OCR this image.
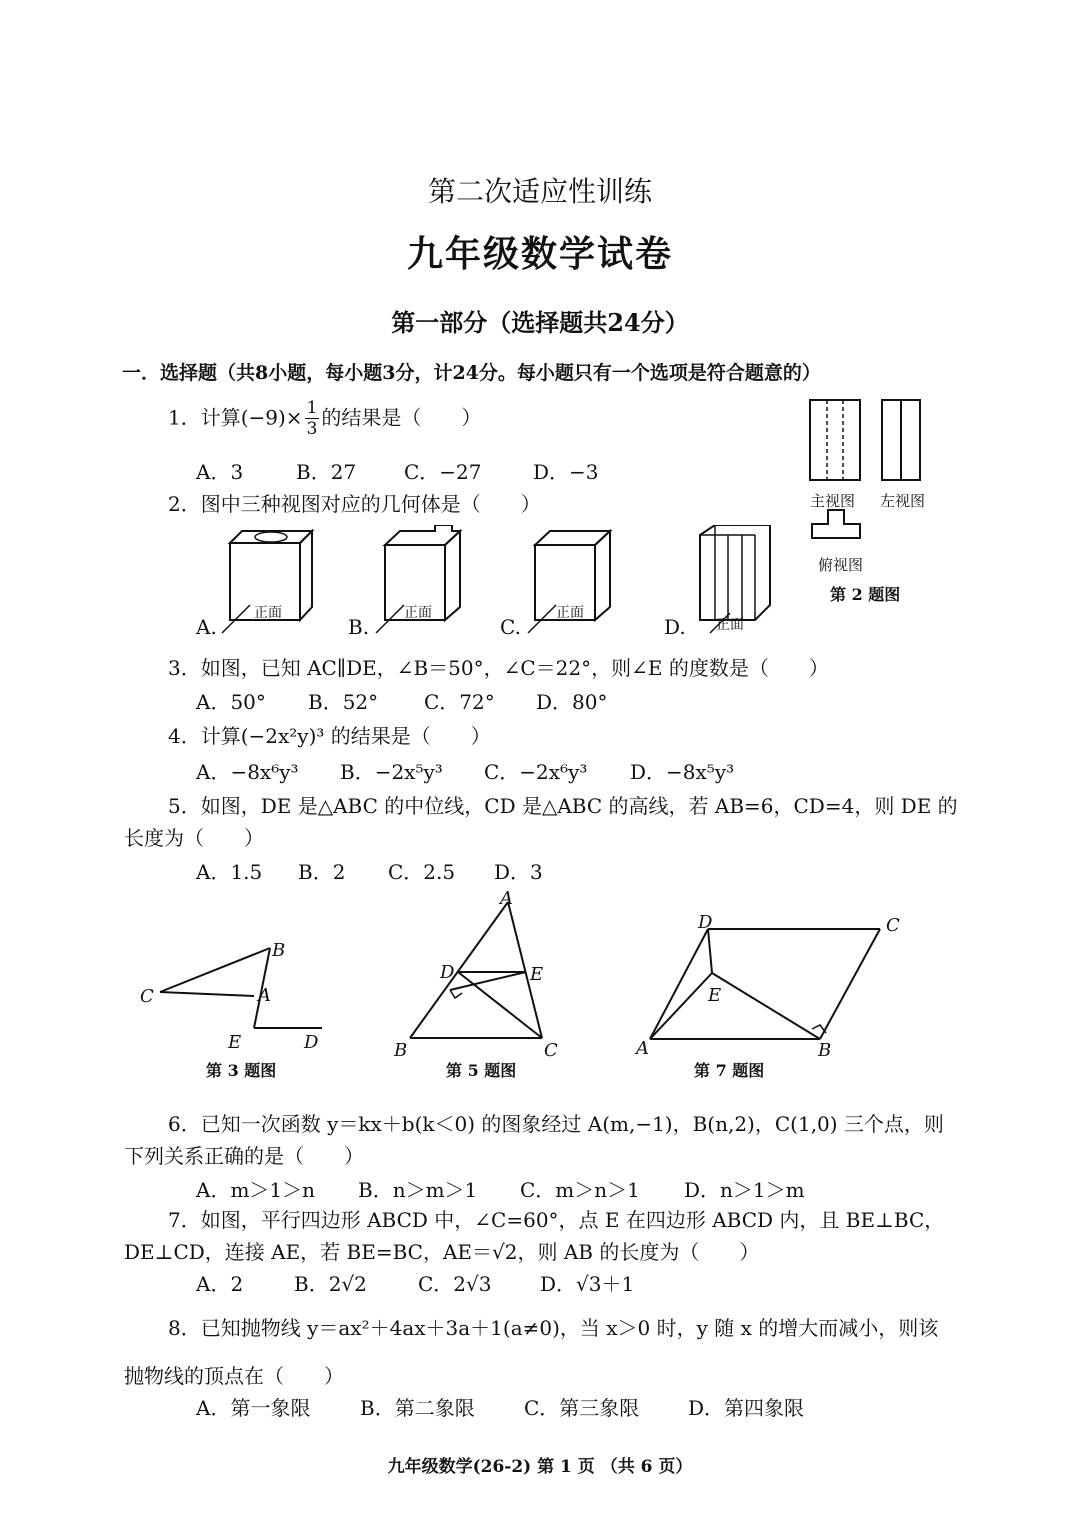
第二次适应性训练
九年级数学试卷
第一部分（选择题共24分）
一．选择题（共8小题，每小题3分，计24分。每小题只有一个选项是符合题意的）
1．计算$(-9)\times \frac{1}{3}$ 的结果是（　　）
A．3	B．27 C．−27	D．−3
主视图 左视图
俯视图
第 2 题图
2．图中三种视图对应的几何体是（　　）
A.	B.	C.	D.
正面	正面	正面
正面
3．如图，已知 AC∥DE，∠B＝50°，∠C＝22°，则∠E 的度数是（　　）
A．50° B．52° C．72° D．80°
4．计算(−2x²y)³ 的结果是（　　）
A．−8x⁶y³ B．−2x⁵y³ C．−2x⁶y³ D．−8x⁵y³
5．如图，DE 是△ABC 的中位线，CD 是△ABC 的高线，若 AB=6，CD=4，则 DE 的
长度为（　　）
A．1.5 B．2 C．2.5 D．3
B
C	A
E	D
第 3 题图
A
D	E
B	C
第 5 题图
D	C
E
A	B
第 7 题图
6．已知一次函数 y＝kx＋b(k＜0) 的图象经过 A(m,−1)，B(n,2)，C(1,0) 三个点，则
下列关系正确的是（　　）
A．m＞1＞n B．n＞m＞1 C．m＞n＞1 D．n＞1＞m
7．如图，平行四边形 ABCD 中，∠C=60°，点 E 在四边形 ABCD 内，且 BE⊥BC，
DE⊥CD，连接 AE，若 BE=BC，AE＝√2，则 AB 的长度为（　　）
A．2	B．2√2	C．2√3 D．√3＋1
8．已知抛物线 y＝ax²＋4ax＋3a＋1(a≠0)，当 x＞0 时，y 随 x 的增大而减小，则该
抛物线的顶点在（　　）
A．第一象限 B．第二象限 C．第三象限 D．第四象限
九年级数学(26-2) 第 1 页 （共 6 页）
